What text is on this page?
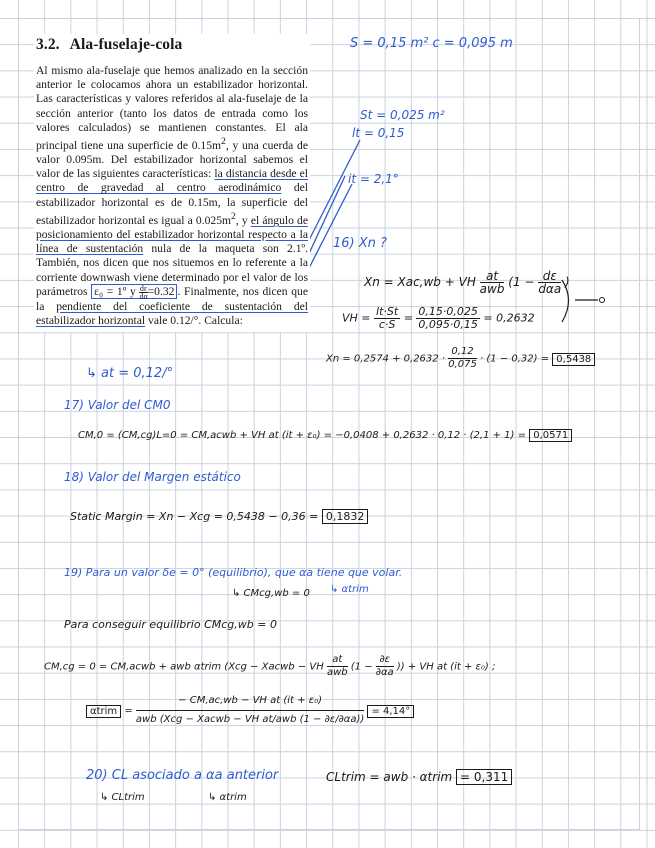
3.2. Ala-fuselaje-cola

Al mismo ala-fuselaje que hemos analizado en la sección anterior le colocamos ahora un estabilizador horizontal. Las características y valores referidos al ala-fuselaje de la sección anterior (tanto los datos de entrada como los valores calculados) se mantienen constantes. El ala principal tiene una superficie de $0.15m^2$, y una cuerda de valor 0.095m. Del estabilizador horizontal sabemos el valor de las siguientes características: la distancia desde el centro de gravedad al centro aerodinámico del estabilizador horizontal es de 0.15m, la superficie del estabilizador horizontal es igual a $0.025m^2$, y el ángulo de posicionamiento del estabilizador horizontal respecto a la línea de sustentación nula de la maqueta son 2.1º. También, nos dicen que nos situemos en lo referente a la corriente downwash viene determinado por el valor de los parámetros ε₀ = 1º y $\frac{d\varepsilon}{d\alpha} =0.32$ . Finalmente, nos dicen que la pendiente del coeficiente de sustentación del estabilizador horizontal vale 0.12/°. Calcula:

S = 0,15 m² c = 0,095 m
St = 0,025 m²
lt = 0,15
it = 2,1°
16) Xn ?
Xn = Xac,wb + VH at
awb (1 − dε
dαa )
VH = $\frac{lt\cdot St}{c\cdot S} = \frac{0,15\cdot 0,025}{0,095\cdot 0,15} = 0,2632$
$Xn = 0,2574 + 0,2632 \cdot \frac{0,12}{0,075} \cdot (1 - 0,32) = 0,5438$
↳ at = 0,12/°
17) Valor del CM0
CM,0 = (CM,cg)L=0 = CM,acwb + VH at (it + ε₀) = −0,0408 + 0,2632 · 0,12 · (2,1 + 1) = 0,0571
18) Valor del Margen estático
Static Margin = Xn − Xcg = 0,5438 − 0,36 = 0,1832
19) Para un valor δe = 0° (equilibrio), que αa tiene que volar.
↳ CMcg,wb = 0 ↳ αtrim
Para conseguir equilibrio CMcg,wb = 0
CM,cg = 0 = CM,acwb + awb αtrim (Xcg − Xacwb − VH
at
awb ($1 - \frac{\partial\varepsilon}{\partial\alpha a}$ )) + VH at (it + ε₀) ;
αtrim =
− CM,ac,wb − VH at (it + ε₀)
awb (Xcg − Xacwb − VH at/awb (1 − ∂ε/∂αa))
= 4,14°
20) CL asociado a αa anterior
↳ CLtrim	↳ αtrim
CLtrim = awb · αtrim = 0,311
